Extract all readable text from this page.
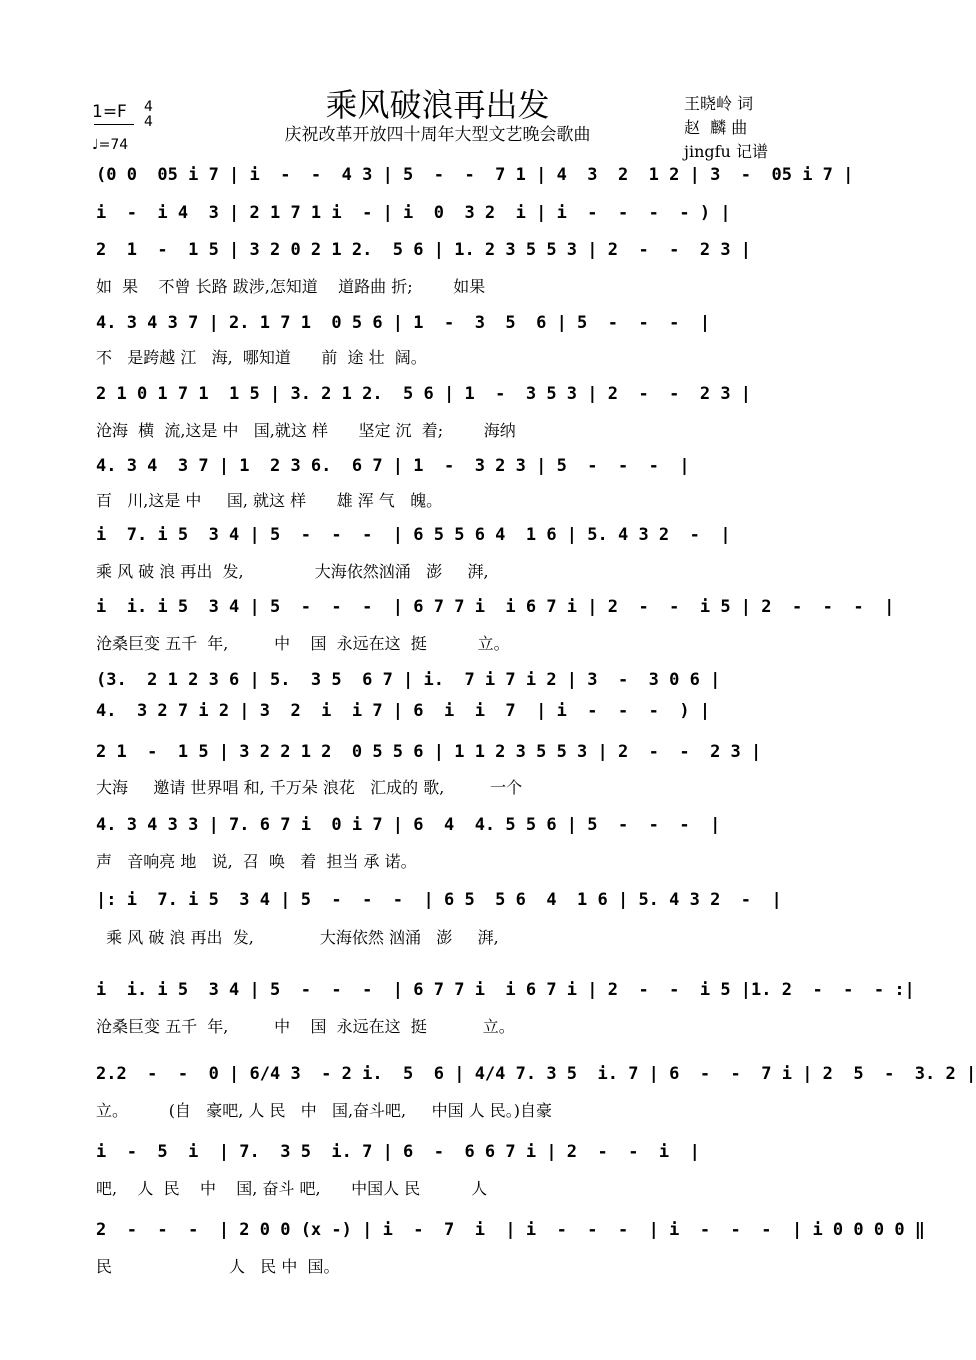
乘风破浪再出发
庆祝改革开放四十周年大型文艺晚会歌曲
1=F
♩=74
4
4
王晓岭 词
赵  麟 曲
jingfu 记谱
(0 0  05 i 7 | i  -  -  4 3 | 5  -  -  7 1 | 4  3  2  1 2 | 3  -  05 i 7 |
i  -  i 4  3 | 2 1 7 1 i  - | i  0  3 2  i | i  -  -  -  - ) |
2  1  -  1 5 | 3 2 0 2 1 2.  5 6 | 1. 2 3 5 5 3 | 2  -  -  2 3 |
如  果    不曾 长路 跋涉,怎知道    道路曲 折;        如果
4. 3 4 3 7 | 2. 1 7 1  0 5 6 | 1  -  3  5  6 | 5  -  -  -  |
不   是跨越 江   海,  哪知道      前  途 壮  阔。
2 1 0 1 7 1  1 5 | 3. 2 1 2.  5 6 | 1  -  3 5 3 | 2  -  -  2 3 |
沧海  横  流,这是 中   国,就这 样      坚定 沉  着;        海纳
4. 3 4  3 7 | 1  2 3 6.  6 7 | 1  -  3 2 3 | 5  -  -  -  |
百   川,这是 中     国, 就这 样      雄 浑 气   魄。
i  7. i 5  3 4 | 5  -  -  -  | 6 5 5 6 4  1 6 | 5. 4 3 2  -  |
乘 风 破 浪 再出  发,              大海依然汹涌   澎     湃,
i  i. i 5  3 4 | 5  -  -  -  | 6 7 7 i  i 6 7 i | 2  -  -  i 5 | 2  -  -  -  |
沧桑巨变 五千  年,         中    国  永远在这  挺          立。
(3.  2 1 2 3 6 | 5.  3 5  6 7 | i.  7 i 7 i 2 | 3  -  3 0 6 |
4.  3 2 7 i 2 | 3  2  i  i 7 | 6  i  i  7  | i  -  -  -  ) |
2 1  -  1 5 | 3 2 2 1 2  0 5 5 6 | 1 1 2 3 5 5 3 | 2  -  -  2 3 |
大海     邀请 世界唱 和, 千万朵 浪花   汇成的 歌,         一个
4. 3 4 3 3 | 7. 6 7 i  0 i 7 | 6  4  4. 5 5 6 | 5  -  -  -  |
声   音响亮 地   说,  召  唤   着  担当 承 诺。
|: i  7. i 5  3 4 | 5  -  -  -  | 6 5  5 6  4  1 6 | 5. 4 3 2  -  |
乘 风 破 浪 再出  发,             大海依然 汹涌   澎     湃,
i  i. i 5  3 4 | 5  -  -  -  | 6 7 7 i  i 6 7 i | 2  -  -  i 5 |1. 2  -  -  - :|
沧桑巨变 五千  年,         中    国  永远在这  挺           立。
2.2  -  -  0 | 6/4 3  - 2 i.  5  6 | 4/4 7. 3 5  i. 7 | 6  -  -  7 i | 2  5  -  3. 2 |
立。        (自   豪吧, 人 民   中   国,奋斗吧,     中国 人 民。)自豪
i  -  5  i  | 7.  3 5  i. 7 | 6  -  6 6 7 i | 2  -  -  i  |
吧,    人  民    中    国, 奋斗 吧,      中国人 民          人
2  -  -  -  | 2 0 0 (x -) | i  -  7  i  | i  -  -  -  | i  -  -  -  | i 0 0 0 0 ‖
民                       人   民 中  国。
